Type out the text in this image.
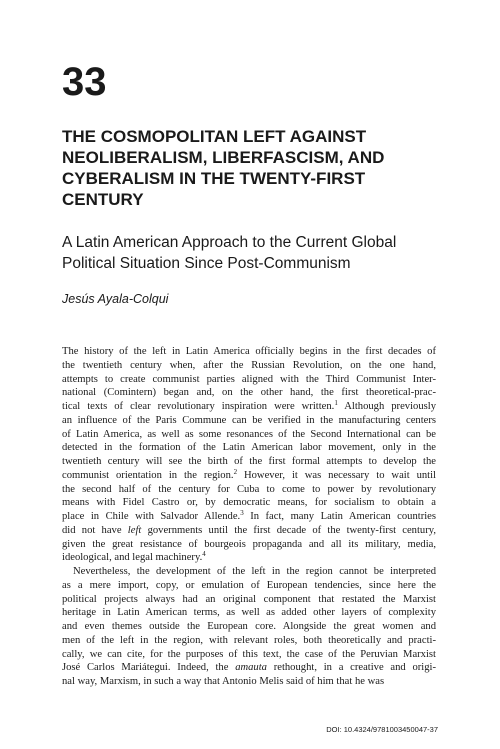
33
THE COSMOPOLITAN LEFT AGAINST
NEOLIBERALISM, LIBERFASCISM, AND
CYBERALISM IN THE TWENTY-FIRST
CENTURY
A Latin American Approach to the Current Global
Political Situation Since Post-Communism
Jesús Ayala-Colqui
The history of the left in Latin America officially begins in the first decades of
the twentieth century when, after the Russian Revolution, on the one hand,
attempts to create communist parties aligned with the Third Communist Inter-
national (Comintern) began and, on the other hand, the first theoretical-prac-
tical texts of clear revolutionary inspiration were written.$^1$ Although previously
an influence of the Paris Commune can be verified in the manufacturing centers
of Latin America, as well as some resonances of the Second International can be
detected in the formation of the Latin American labor movement, only in the
twentieth century will see the birth of the first formal attempts to develop the
communist orientation in the region.$^2$ However, it was necessary to wait until
the second half of the century for Cuba to come to power by revolutionary
means with Fidel Castro or, by democratic means, for socialism to obtain a
place in Chile with Salvador Allende.$^3$ In fact, many Latin American countries
did not have left governments until the first decade of the twenty-first century,
given the great resistance of bourgeois propaganda and all its military, media,
ideological, and legal machinery.$^4$
Nevertheless, the development of the left in the region cannot be interpreted
as a mere import, copy, or emulation of European tendencies, since here the
political projects always had an original component that restated the Marxist
heritage in Latin American terms, as well as added other layers of complexity
and even themes outside the European core. Alongside the great women and
men of the left in the region, with relevant roles, both theoretically and practi-
cally, we can cite, for the purposes of this text, the case of the Peruvian Marxist
José Carlos Mariátegui. Indeed, the amauta rethought, in a creative and origi-
nal way, Marxism, in such a way that Antonio Melis said of him that he was
DOI: 10.4324/9781003450047-37
